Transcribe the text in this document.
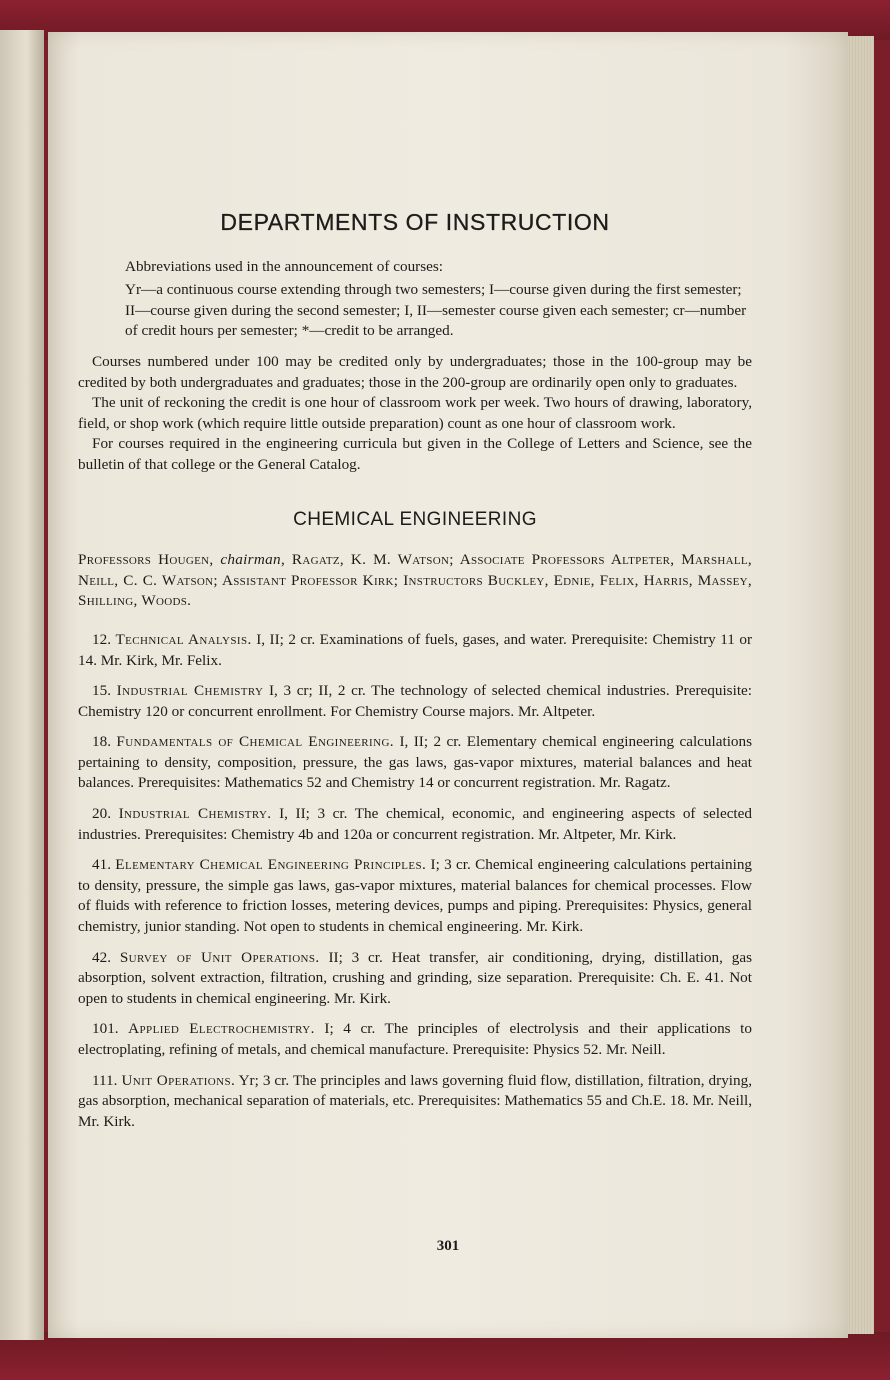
301
DEPARTMENTS OF INSTRUCTION

Abbreviations used in the announcement of courses:

Yr—a continuous course extending through two semesters; I—course given during the first semester; II—course given during the second semester; I, II—semester course given each semester; cr—number of credit hours per semester; *—credit to be arranged.

Courses numbered under 100 may be credited only by undergraduates; those in the 100-group may be credited by both undergraduates and graduates; those in the 200-group are ordinarily open only to graduates.

The unit of reckoning the credit is one hour of classroom work per week. Two hours of drawing, laboratory, field, or shop work (which require little outside preparation) count as one hour of classroom work.

For courses required in the engineering curricula but given in the College of Letters and Science, see the bulletin of that college or the General Catalog.

CHEMICAL ENGINEERING

Professors Hougen, chairman, Ragatz, K. M. Watson; Associate Professors Altpeter, Marshall, Neill, C. C. Watson; Assistant Professor Kirk; Instructors Buckley, Ednie, Felix, Harris, Massey, Shilling, Woods.

12. Technical Analysis. I, II; 2 cr. Examinations of fuels, gases, and water. Prerequisite: Chemistry 11 or 14. Mr. Kirk, Mr. Felix.

15. Industrial Chemistry I, 3 cr; II, 2 cr. The technology of selected chemical industries. Prerequisite: Chemistry 120 or concurrent enrollment. For Chemistry Course majors. Mr. Altpeter.

18. Fundamentals of Chemical Engineering. I, II; 2 cr. Elementary chemical engineering calculations pertaining to density, composition, pressure, the gas laws, gas-vapor mixtures, material balances and heat balances. Prerequisites: Mathematics 52 and Chemistry 14 or concurrent registration. Mr. Ragatz.

20. Industrial Chemistry. I, II; 3 cr. The chemical, economic, and engineering aspects of selected industries. Prerequisites: Chemistry 4b and 120a or concurrent registration. Mr. Altpeter, Mr. Kirk.

41. Elementary Chemical Engineering Principles. I; 3 cr. Chemical engineering calculations pertaining to density, pressure, the simple gas laws, gas-vapor mixtures, material balances for chemical processes. Flow of fluids with reference to friction losses, metering devices, pumps and piping. Prerequisites: Physics, general chemistry, junior standing. Not open to students in chemical engineering. Mr. Kirk.

42. Survey of Unit Operations. II; 3 cr. Heat transfer, air conditioning, drying, distillation, gas absorption, solvent extraction, filtration, crushing and grinding, size separation. Prerequisite: Ch. E. 41. Not open to students in chemical engineering. Mr. Kirk.

101. Applied Electrochemistry. I; 4 cr. The principles of electrolysis and their applications to electroplating, refining of metals, and chemical manufacture. Prerequisite: Physics 52. Mr. Neill.

111. Unit Operations. Yr; 3 cr. The principles and laws governing fluid flow, distillation, filtration, drying, gas absorption, mechanical separation of materials, etc. Prerequisites: Mathematics 55 and Ch.E. 18. Mr. Neill, Mr. Kirk.
